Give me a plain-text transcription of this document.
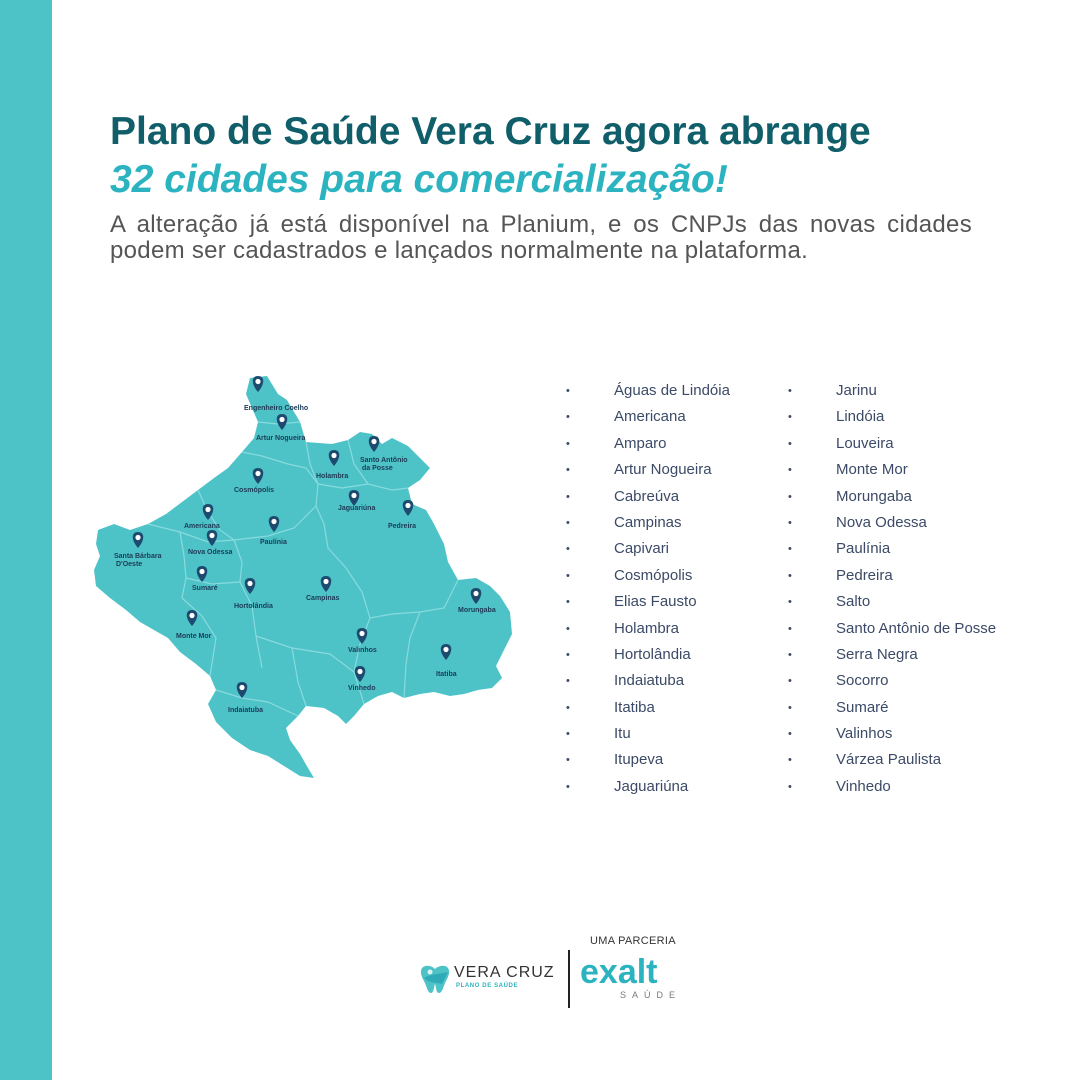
Plano de Saúde Vera Cruz agora abrange
32 cidades para comercialização!
A alteração já está disponível na Planium, e os CNPJs das novas cidades podem ser cadastrados e lançados normalmente na plataforma.
Engenheiro Coelho
Artur Nogueira
Santo Antônio
da Posse
Holambra
Cosmópolis
Jaguariúna
Pedreira
Americana
Paulínia
Santa Bárbara
D'Oeste
Nova Odessa
Sumaré
Hortolândia
Campinas
Morungaba
Monte Mor
Valinhos
Itatiba
Vinhedo
Indaiatuba
•	Águas de Lindóia
•	Americana
•	Amparo
•	Artur Nogueira
•	Cabreúva
•	Campinas
•	Capivari
•	Cosmópolis
•	Elias Fausto
•	Holambra
•	Hortolândia
•	Indaiatuba
•	Itatiba
•	Itu
•	Itupeva
•	Jaguariúna
•	Jarinu
•	Lindóia
•	Louveira
•	Monte Mor
•	Morungaba
•	Nova Odessa
•	Paulínia
•	Pedreira
•	Salto
•	Santo Antônio de Posse
•	Serra Negra
•	Socorro
•	Sumaré
•	Valinhos
•	Várzea Paulista
•	Vinhedo
UMA PARCERIA
VERA CRUZ
PLANO DE SAÚDE exalt
SAÚDE
